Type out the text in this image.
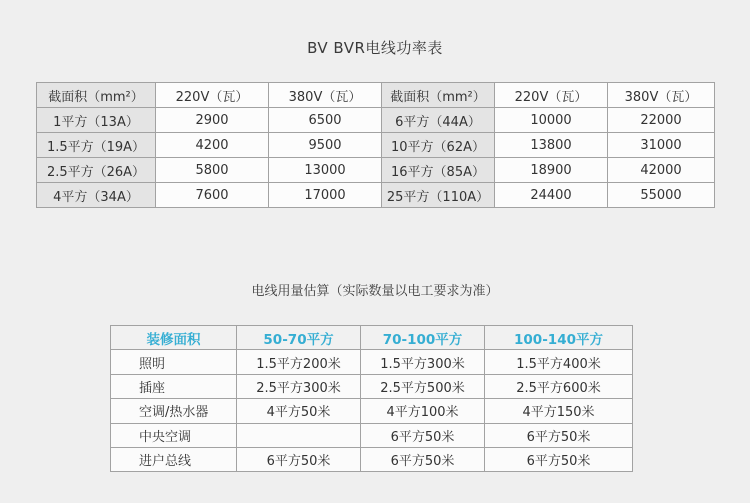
BV BVR电线功率表
截面积（mm²）	220V（瓦）	380V（瓦）	截面积（mm²）	220V（瓦）	380V（瓦）
1平方（13A）	2900	6500	6平方（44A）	10000	22000
1.5平方（19A）	4200	9500	10平方（62A）	13800	31000
2.5平方（26A）	5800	13000	16平方（85A）	18900	42000
4平方（34A）	7600	17000	25平方（110A）	24400	55000
电线用量估算（实际数量以电工要求为准）
装修面积	50-70平方	70-100平方	100-140平方
照明	1.5平方200米	1.5平方300米	1.5平方400米
插座	2.5平方300米	2.5平方500米	2.5平方600米
空调/热水器	4平方50米	4平方100米	4平方150米
中央空调		6平方50米	6平方50米
进户总线	6平方50米	6平方50米	6平方50米
